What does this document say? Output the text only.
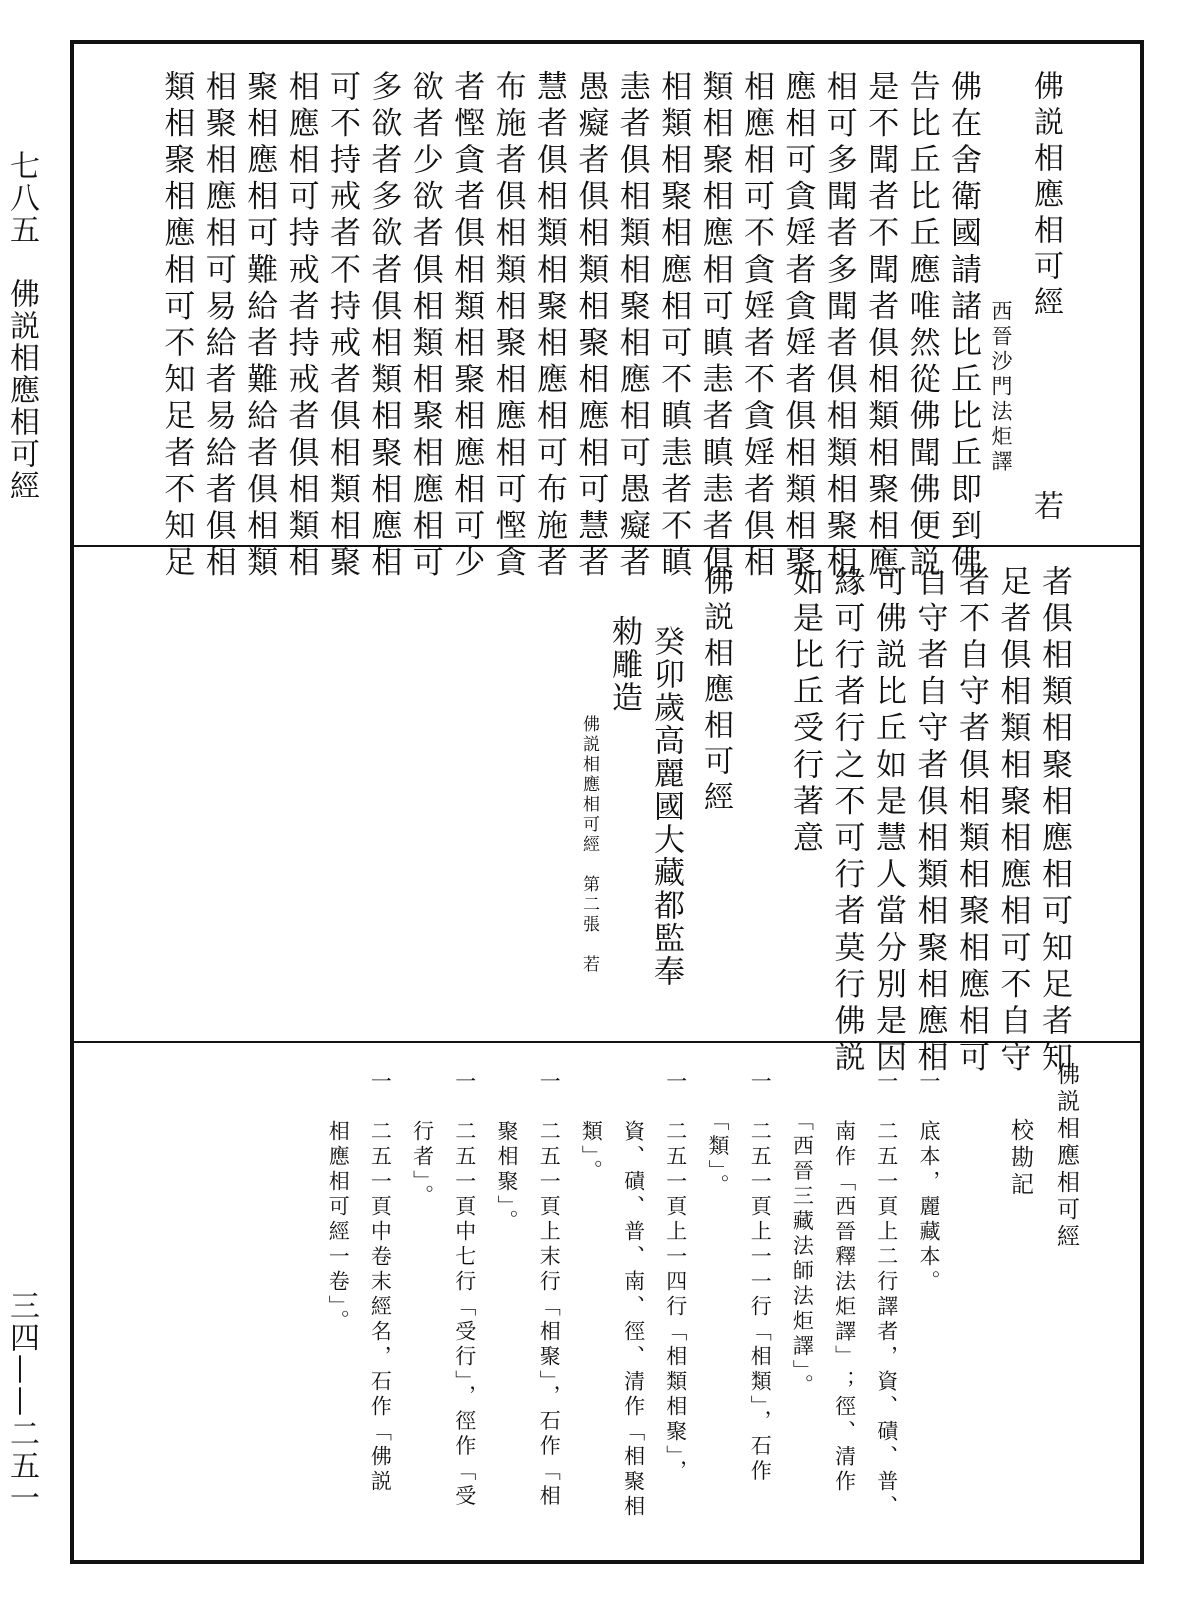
七八五　佛説相應相可經
三四——二五一
佛説相應相可經
西晉沙門法炬譯
若
佛在舍衛國請諸比丘比丘即到佛
告比丘比丘應唯然從佛聞佛便説
是不聞者不聞者俱相類相聚相應
相可多聞者多聞者俱相類相聚相
應相可貪婬者貪婬者俱相類相聚
相應相可不貪婬者不貪婬者俱相
類相聚相應相可瞋恚者瞋恚者俱
相類相聚相應相可不瞋恚者不瞋
恚者俱相類相聚相應相可愚癡者
愚癡者俱相類相聚相應相可慧者
慧者俱相類相聚相應相可布施者
布施者俱相類相聚相應相可慳貪
者慳貪者俱相類相聚相應相可少
欲者少欲者俱相類相聚相應相可
多欲者多欲者俱相類相聚相應相
可不持戒者不持戒者俱相類相聚
相應相可持戒者持戒者俱相類相
聚相應相可難給者難給者俱相類
相聚相應相可易給者易給者俱相
類相聚相應相可不知足者不知足
者俱相類相聚相應相可知足者知
足者俱相類相聚相應相可不自守
者不自守者俱相類相聚相應相可
自守者自守者俱相類相聚相應相
可佛説比丘如是慧人當分別是因
緣可行者行之不可行者莫行佛説
如是比丘受行著意
佛説相應相可經
癸卯歲高麗國大藏都監奉
勑雕造
佛説相應相可經　第二張　若
佛説相應相可經
校勘記
一　底本，麗藏本。
一　二五一頁上二行譯者，資、磧、普、
　　南作「西晉釋法炬譯」；徑、清作
　　「西晉三藏法師法炬譯」。
一　二五一頁上一一行「相類」，石作
　　「類」。
一　二五一頁上一四行「相類相聚」，
　　資、磧、普、南、徑、清作「相聚相
　　類」。
一　二五一頁上末行「相聚」，石作「相
　　聚相聚」。
一　二五一頁中七行「受行」，徑作「受
　　行者」。
一　二五一頁中卷末經名，石作「佛説
　　相應相可經一卷」。
